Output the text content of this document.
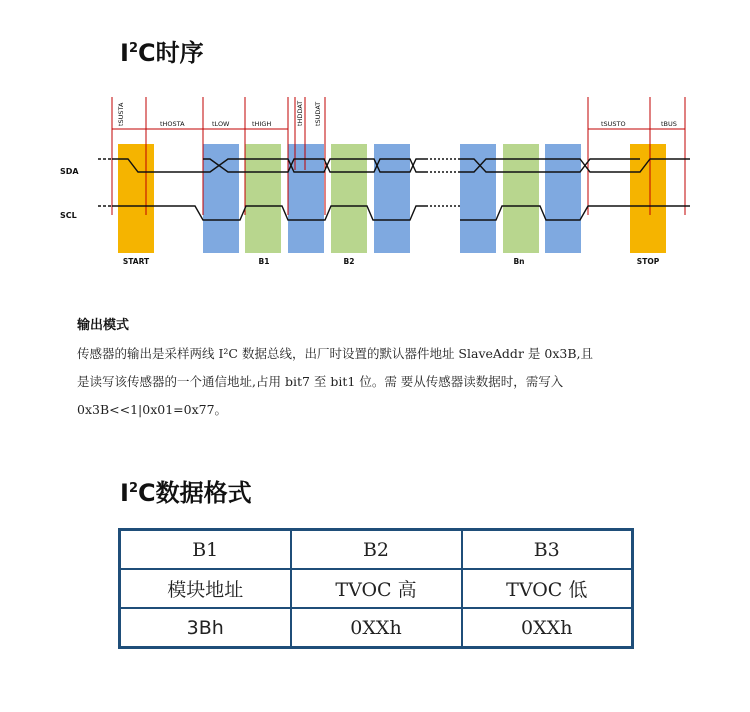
$I^2C$时序
tSUSTA	tHOSTA	tLOW	tHIGH	tHDDAT tSUDAT	tSUSTO	tBUS
SDA
SCL
START	B1	B2	Bn	STOP
输出模式

传感器的输出是采样两线 I²C 数据总线，出厂时设置的默认器件地址 SlaveAddr 是 0x3B,且

是读写该传感器的一个通信地址,占用 bit7 至 bit1 位。需 要从传感器读数据时，需写入

0x3B<<1|0x01=0x77。

$I^2C$数据格式
B1	B2	B3
模块地址	TVOC 高	TVOC 低
3Bh	0XXh	0XXh
